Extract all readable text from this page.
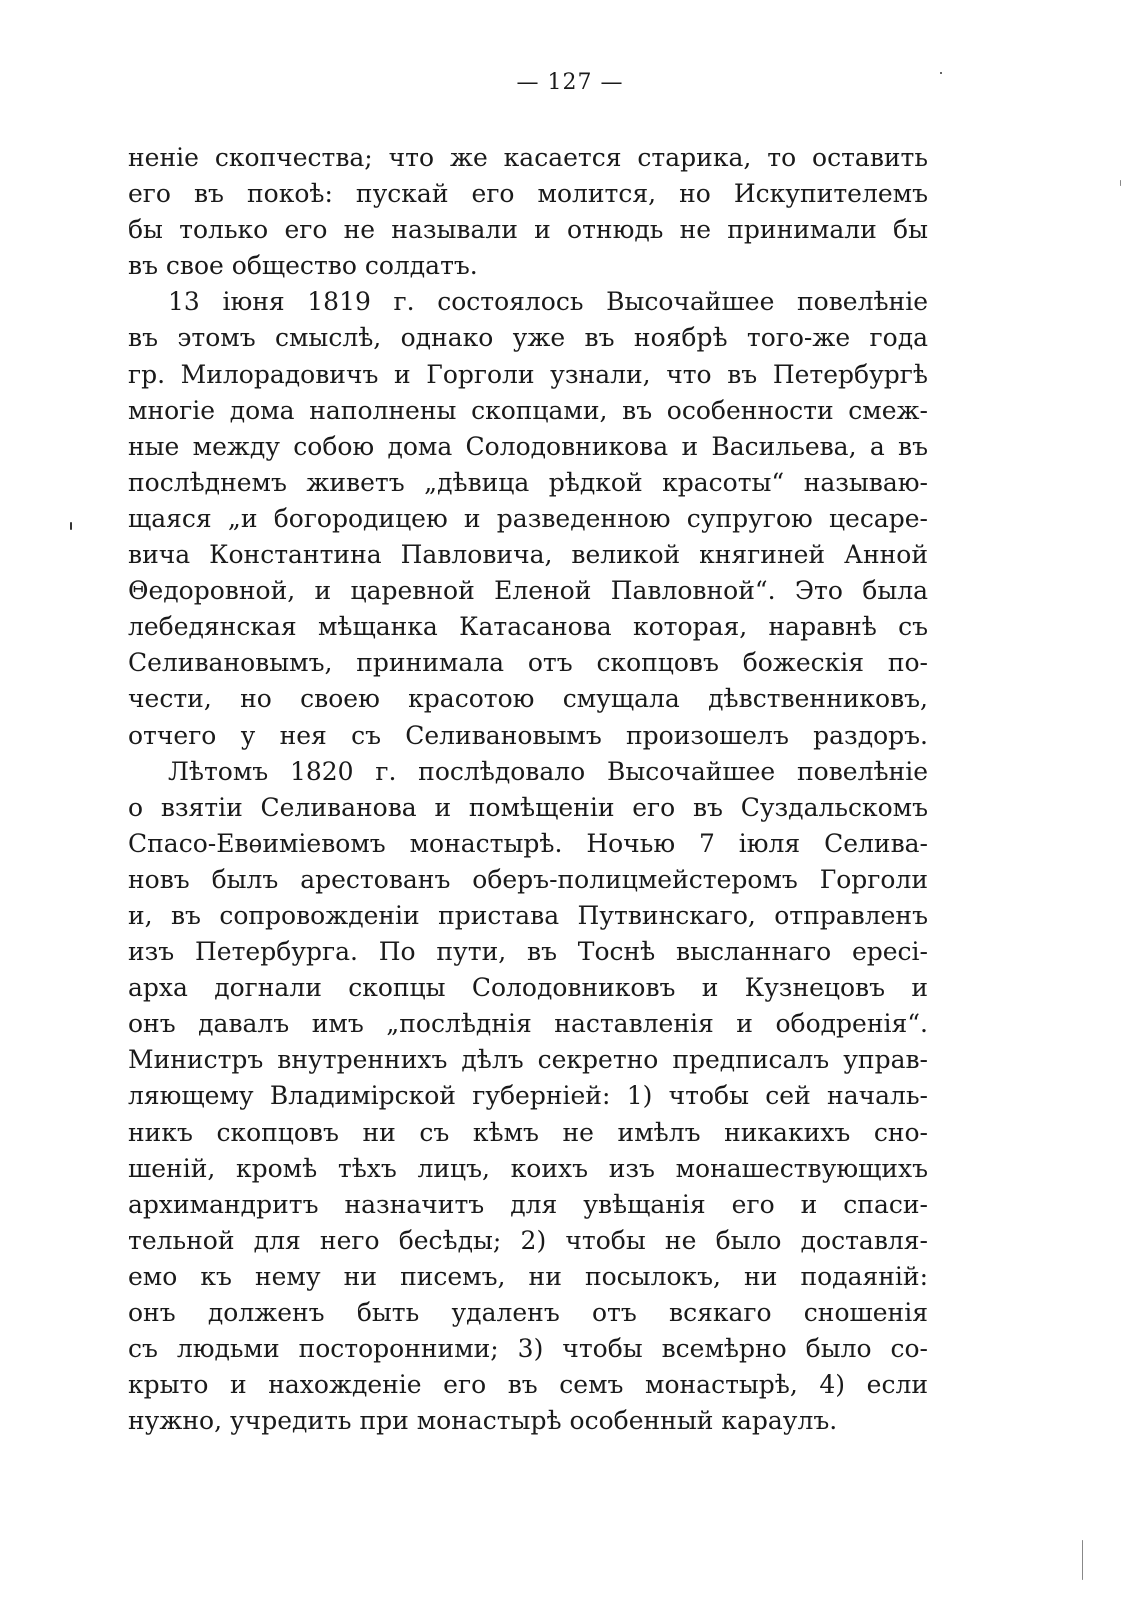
— 127 —
неніе скопчества; что же касается старика, то оставить
его въ покоѣ: пускай его молится, но Искупителемъ
бы только его не называли и отнюдь не принимали бы
въ свое общество солдатъ.
13 іюня 1819 г. состоялось Высочайшее повелѣніе
въ этомъ смыслѣ, однако уже въ ноябрѣ того-же года
гр. Милорадовичъ и Горголи узнали, что въ Петербургѣ
многіе дома наполнены скопцами, въ особенности смеж-
ные между собою дома Солодовникова и Васильева, а въ
послѣднемъ живетъ „дѣвица рѣдкой красоты“ называю-
щаяся „и богородицею и разведенною супругою цесаре-
вича Константина Павловича, великой княгиней Анной
Θедоровной, и царевной Еленой Павловной“. Это была
лебедянская мѣщанка Катасанова которая, наравнѣ съ
Селивановымъ, принимала отъ скопцовъ божескія по-
чести, но своею красотою смущала дѣвственниковъ,
отчего у нея съ Селивановымъ произошелъ раздоръ.
Лѣтомъ 1820 г. послѣдовало Высочайшее повелѣніе
о взятіи Селиванова и помѣщеніи его въ Суздальскомъ
Спасо-Евѳиміевомъ монастырѣ. Ночью 7 іюля Селива-
новъ былъ арестованъ оберъ-полицмейстеромъ Горголи
и, въ сопровожденіи пристава Путвинскаго, отправленъ
изъ Петербурга. По пути, въ Тоснѣ высланнаго ересі-
арха догнали скопцы Солодовниковъ и Кузнецовъ и
онъ давалъ имъ „послѣднія наставленія и ободренія“.
Министръ внутреннихъ дѣлъ секретно предписалъ управ-
ляющему Владимірской губерніей: 1) чтобы сей началь-
никъ скопцовъ ни съ кѣмъ не имѣлъ никакихъ сно-
шеній, кромѣ тѣхъ лицъ, коихъ изъ монашествующихъ
архимандритъ назначитъ для увѣщанія его и спаси-
тельной для него бесѣды; 2) чтобы не было доставля-
емо къ нему ни писемъ, ни посылокъ, ни подаяній:
онъ долженъ быть удаленъ отъ всякаго сношенія
съ людьми посторонними; 3) чтобы всемѣрно было со-
крыто и нахожденіе его въ семъ монастырѣ, 4) если
нужно, учредить при монастырѣ особенный караулъ.
